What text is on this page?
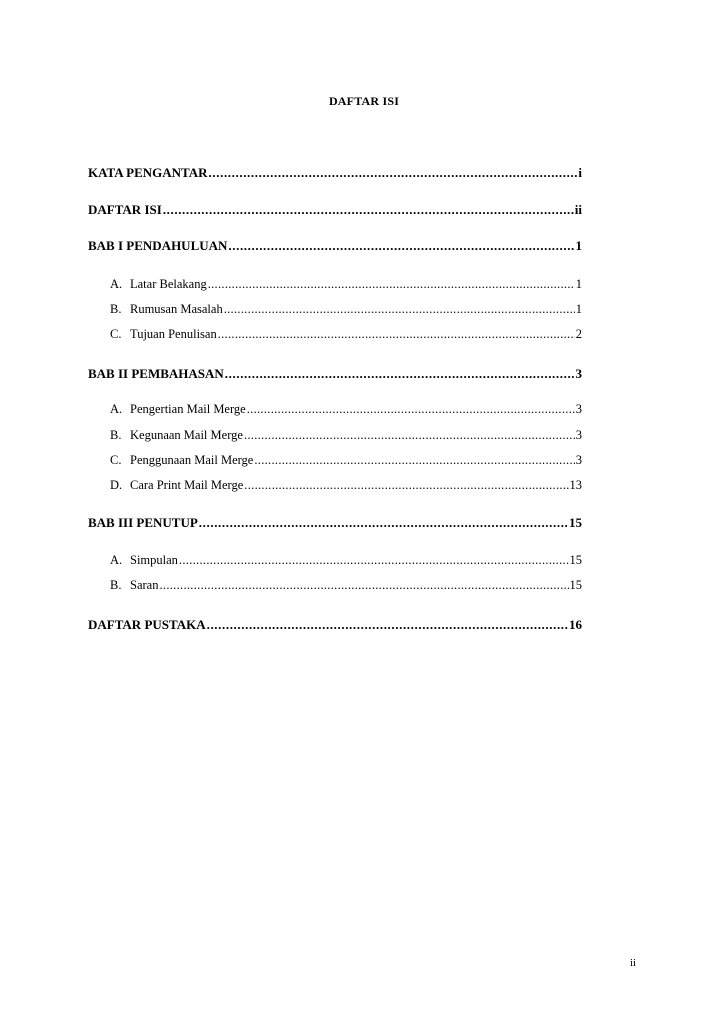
DAFTAR ISI
KATA PENGANTAR .....	i
DAFTAR ISI .....	ii
BAB I PENDAHULUAN .....	1
A. Latar Belakang .....	1
B. Rumusan Masalah .....	1
C. Tujuan Penulisan .....	2
BAB II PEMBAHASAN .....	3
A. Pengertian Mail Merge .....	3
B. Kegunaan Mail Merge .....	3
C. Penggunaan Mail Merge .....	3
D. Cara Print Mail Merge .....	13
BAB III PENUTUP .....	15
A. Simpulan .....	15
B. Saran .....	15
DAFTAR PUSTAKA .....	16
ii
